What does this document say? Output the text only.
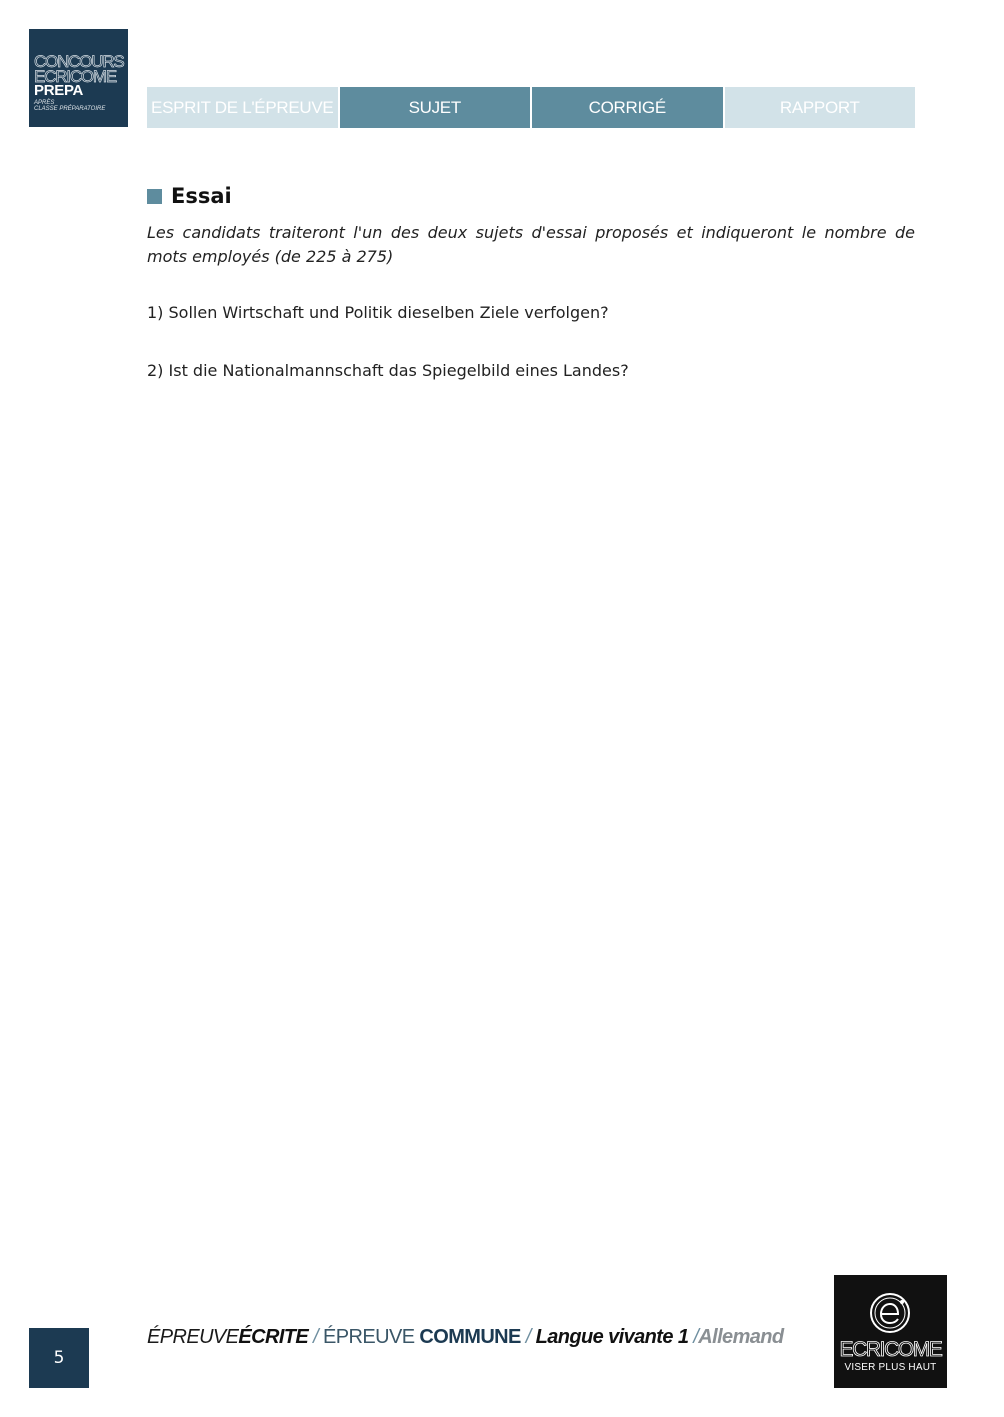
CONCOURS
ECRICOME
PREPA
APRÈS
CLASSE PRÉPARATOIRE	ESPRIT DE L'ÉPREUVE	SUJET	CORRIGÉ	RAPPORT
Essai
Les candidats traiteront l'un des deux sujets d'essai proposés et indiqueront le nombre de mots employés (de 225 à 275)
1) Sollen Wirtschaft und Politik dieselben Ziele verfolgen?
2) Ist die Nationalmannschaft das Spiegelbild eines Landes?
5
ÉPREUVEÉCRITE / ÉPREUVE COMMUNE / Langue vivante 1 /Allemand
ECRICOME
VISER PLUS HAUT
